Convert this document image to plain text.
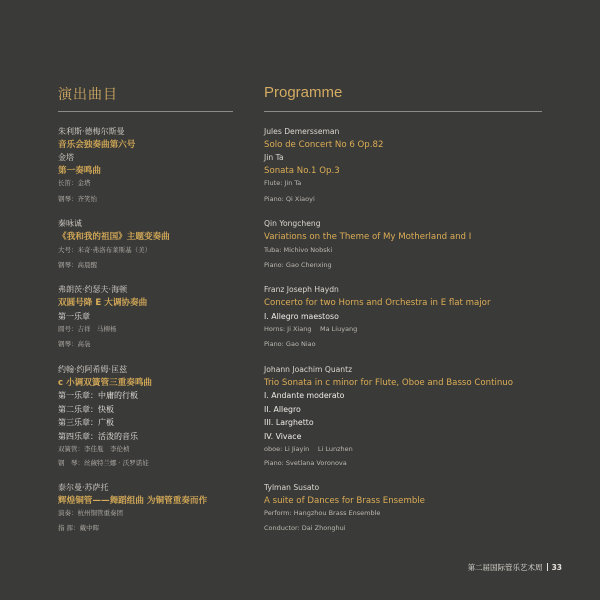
演出曲目
朱利斯·德梅尔斯曼
音乐会独奏曲第六号
金塔
第一奏鸣曲
长笛：金塔
钢琴：齐笑怡
秦咏诚
《我和我的祖国》主题变奏曲
大号：米奇·弗洛布莱斯基（美）
钢琴：高晨醒
弗朗茨·约瑟夫·海顿
双圆号降 E 大调协奏曲
第一乐章
圆号：吉祥　马柳杨
钢琴：高袅
约翰·约阿希姆·匡兹
c 小调双簧管三重奏鸣曲
第一乐章：中庸的行板
第二乐章：快板
第三乐章：广板
第四乐章：活泼的音乐
双簧管：李佳胤　李伦桢
钢　琴：丝薇特兰娜 · 沃罗诺娃
泰尔曼·苏萨托
辉煌铜管——舞蹈组曲 为铜管重奏而作
演奏：杭州铜管重奏团
指 挥：戴中晖
Programme
Jules Demersseman
Solo de Concert No 6 Op.82
Jin Ta
Sonata No.1 Op.3
Flute: Jin Ta
Piano: Qi Xiaoyi
Qin Yongcheng
Variations on the Theme of My Motherland and I
Tuba: Michivo Nobski
Piano: Gao Chenxing
Franz Joseph Haydn
Concerto for two Horns and Orchestra in E flat major
I. Allegro maestoso
Horns: Ji Xiang　 Ma Liuyang
Piano: Gao Niao
Johann Joachim Quantz
Trio Sonata in c minor for Flute, Oboe and Basso Continuo
I. Andante moderato
II. Allegro
III. Larghetto
IV. Vivace
oboe: Li Jiayin　 Li Lunzhen
Piano: Svetlana Voronova
Tylman Susato
A suite of Dances for Brass Ensemble
Perform: Hangzhou Brass Ensemble
Conductor: Dai Zhonghui
第二届国际管乐艺术周 33
